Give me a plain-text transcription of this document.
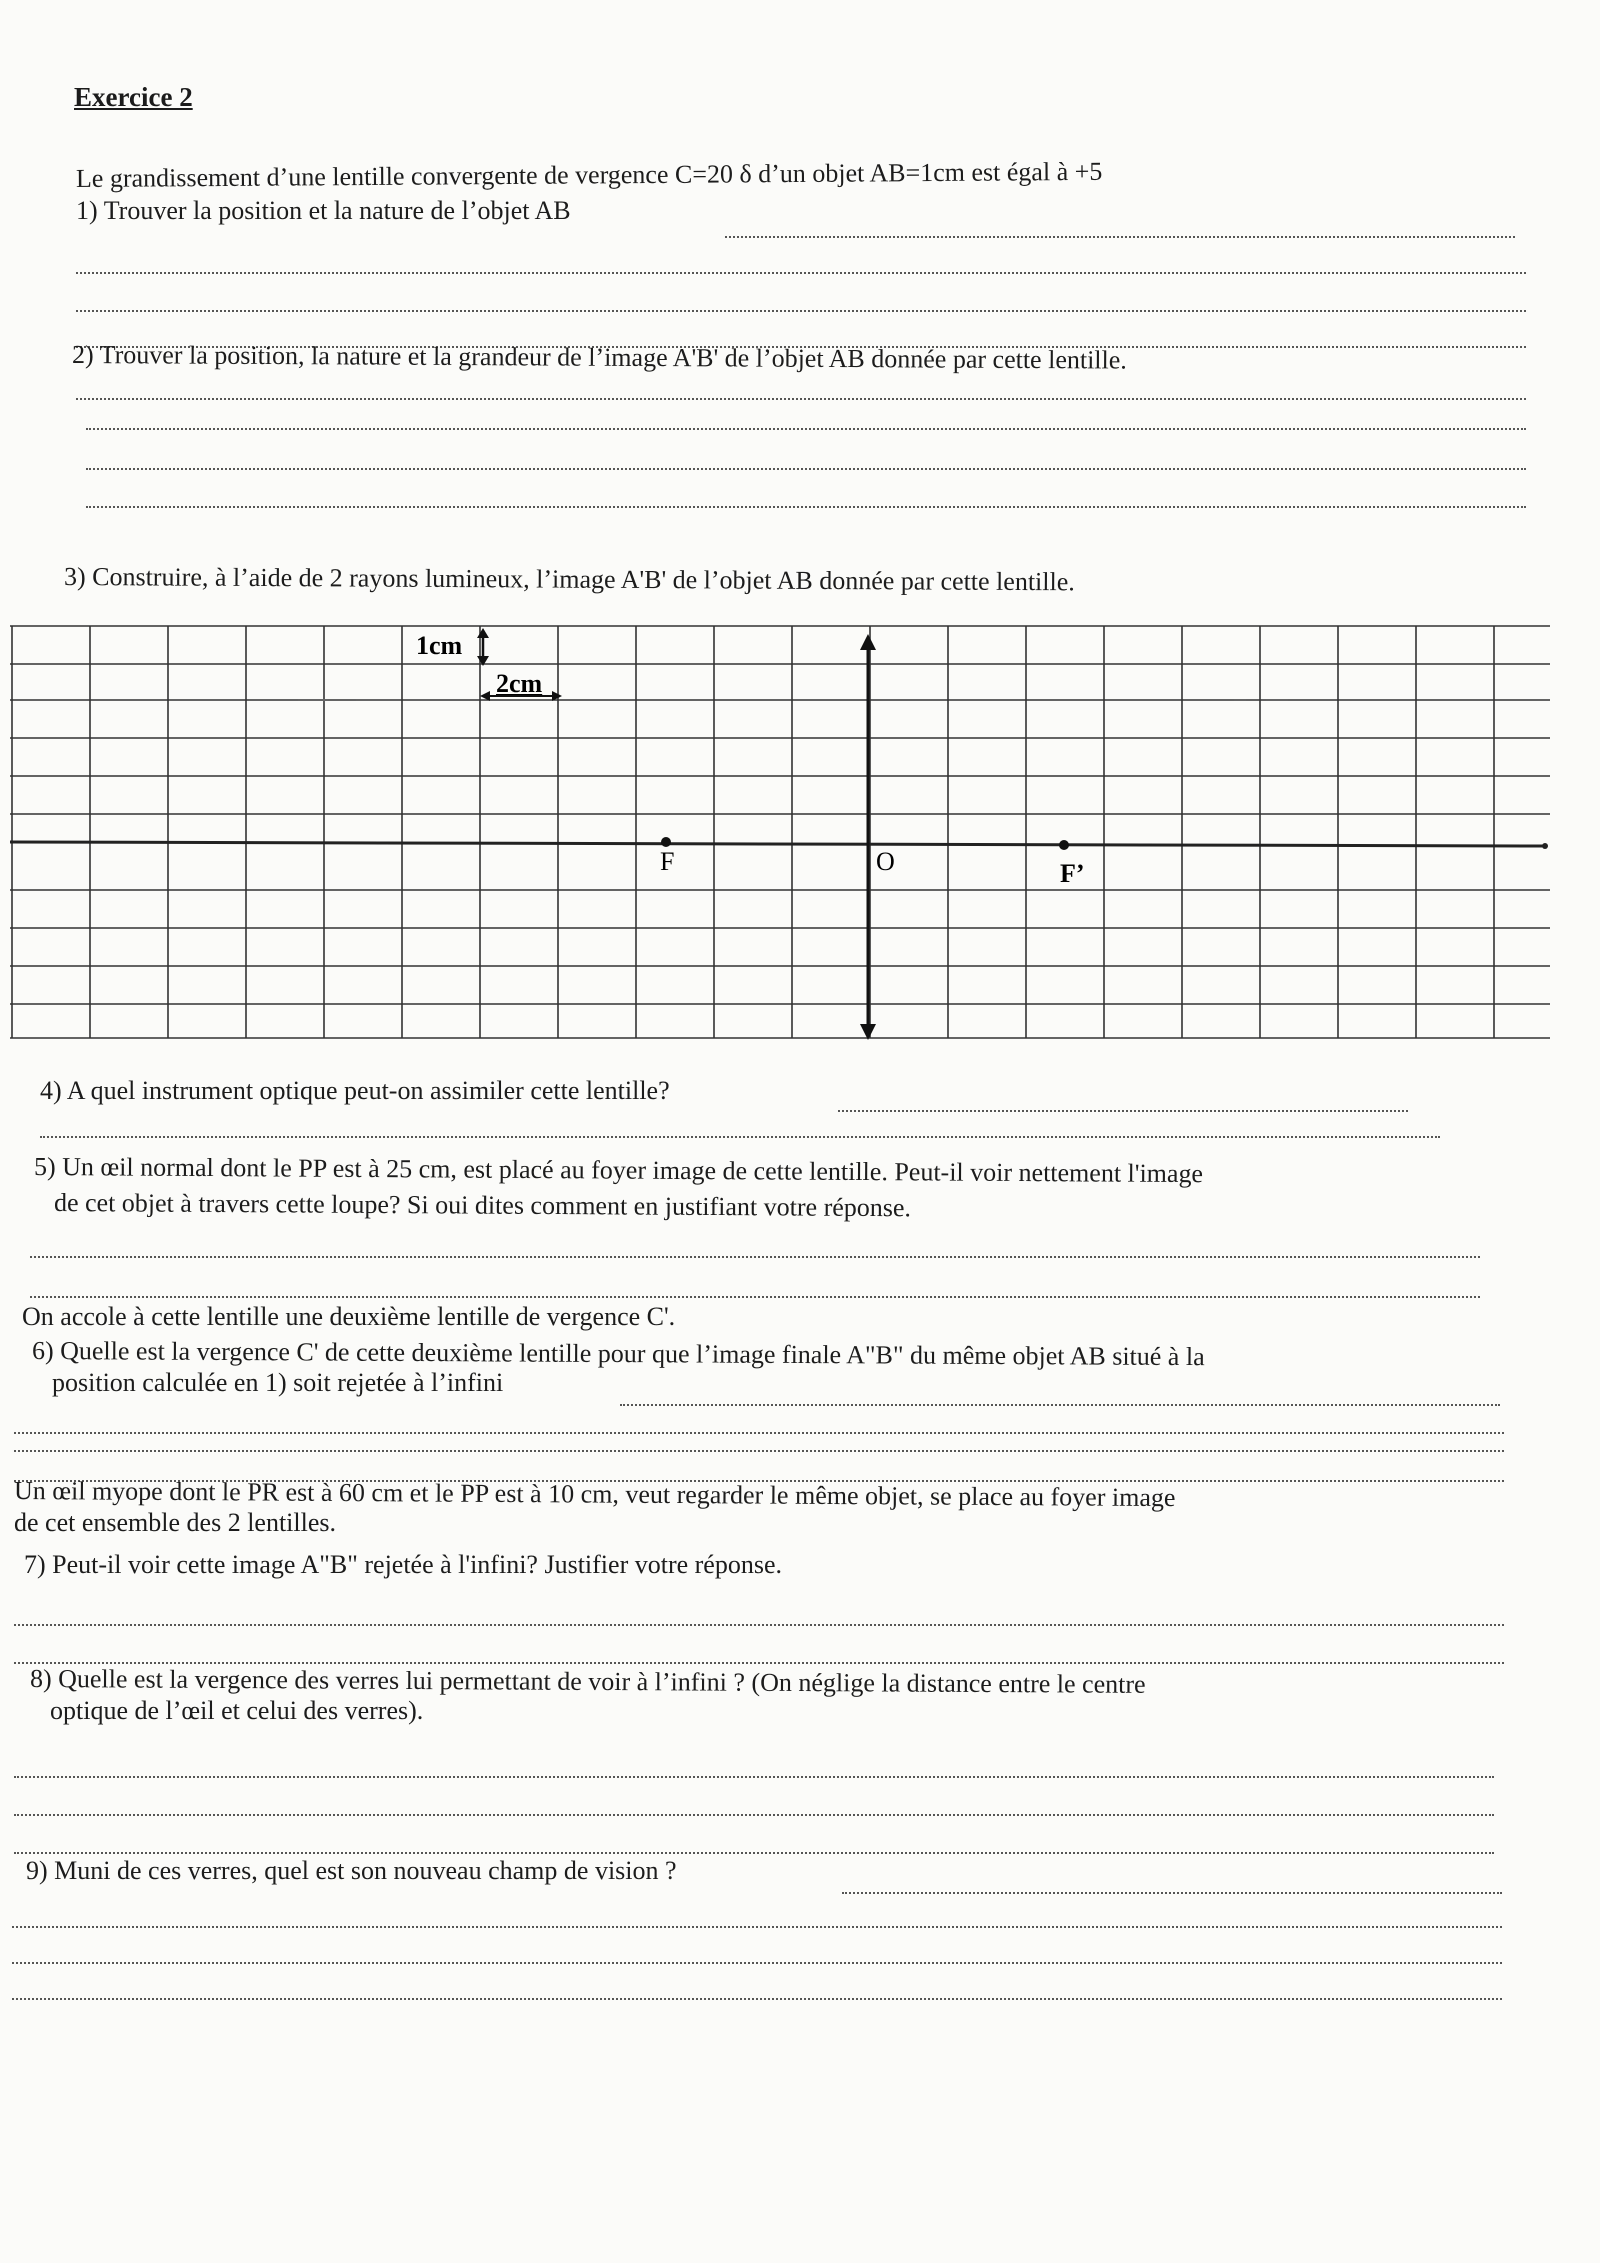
Exercice 2
Le grandissement d’une lentille convergente de vergence C=20 δ d’un objet AB=1cm est égal à +5
1) Trouver la position et la nature de l’objet AB
2) Trouver la position, la nature et la grandeur de l’image A'B' de l’objet AB donnée par cette lentille.
3) Construire, à l’aide de 2 rayons lumineux, l’image A'B' de l’objet AB donnée par cette lentille.
F	O	F’
1cm
2cm
4) A quel instrument optique peut-on assimiler cette lentille?
5) Un œil normal dont le PP est à 25 cm, est placé au foyer image de cette lentille. Peut-il voir nettement l'image
de cet objet à travers cette loupe? Si oui dites comment en justifiant votre réponse.
On accole à cette lentille une deuxième lentille de vergence C'.
6) Quelle est la vergence C' de cette deuxième lentille pour que l’image finale A"B" du même objet AB situé à la
position calculée en 1) soit rejetée à l’infini
Un œil myope dont le PR est à 60 cm et le PP est à 10 cm, veut regarder le même objet, se place au foyer image
de cet ensemble des 2 lentilles.
7) Peut-il voir cette image A"B" rejetée à l'infini? Justifier votre réponse.
8) Quelle est la vergence des verres lui permettant de voir à l’infini ? (On néglige la distance entre le centre
optique de l’œil et celui des verres).
9) Muni de ces verres, quel est son nouveau champ de vision ?
